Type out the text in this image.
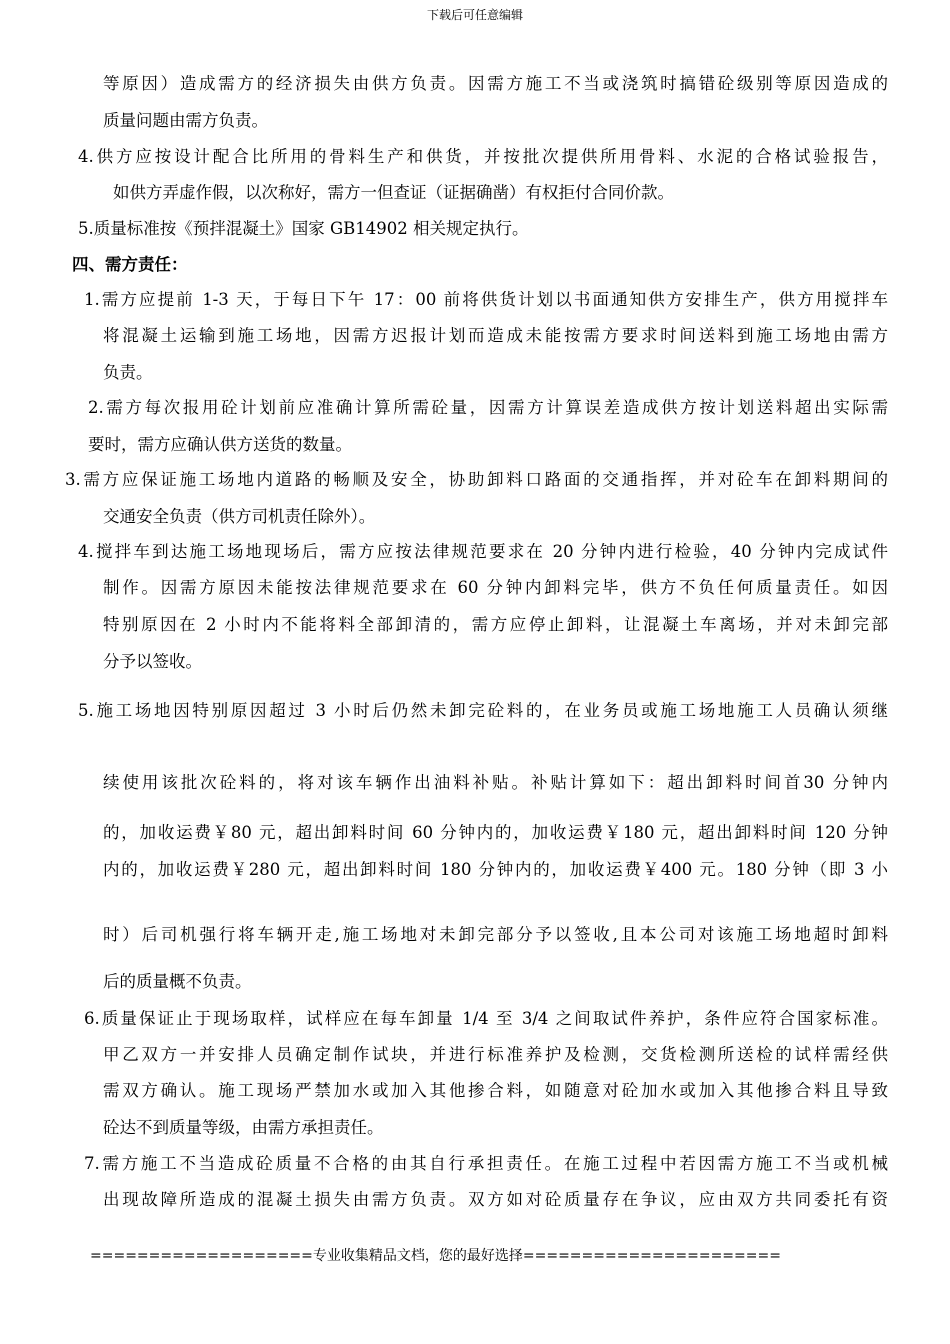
下载后可任意编辑
等原因）造成需方的经济损失由供方负责。因需方施工不当或浇筑时搞错砼级别等原因造成的
质量问题由需方负责。
4.供方应按设计配合比所用的骨料生产和供货，并按批次提供所用骨料、水泥的合格试验报告，
如供方弄虚作假，以次称好，需方一但查证（证据确凿）有权拒付合同价款。
5.质量标准按《预拌混凝土》国家 GB14902 相关规定执行。
四、需方责任：
1.需方应提前 1-3 天，于每日下午 17：00 前将供货计划以书面通知供方安排生产，供方用搅拌车
将混凝土运输到施工场地，因需方迟报计划而造成未能按需方要求时间送料到施工场地由需方
负责。
2.需方每次报用砼计划前应准确计算所需砼量，因需方计算误差造成供方按计划送料超出实际需
要时，需方应确认供方送货的数量。
3.需方应保证施工场地内道路的畅顺及安全，协助卸料口路面的交通指挥，并对砼车在卸料期间的
交通安全负责（供方司机责任除外）。
4.搅拌车到达施工场地现场后，需方应按法律规范要求在 20 分钟内进行检验，40 分钟内完成试件
制作。因需方原因未能按法律规范要求在 60 分钟内卸料完毕，供方不负任何质量责任。如因
特别原因在 2 小时内不能将料全部卸清的，需方应停止卸料，让混凝土车离场，并对未卸完部
分予以签收。
5.施工场地因特别原因超过 3 小时后仍然未卸完砼料的，在业务员或施工场地施工人员确认须继
续使用该批次砼料的，将对该车辆作出油料补贴。补贴计算如下：超出卸料时间首30 分钟内
的，加收运费￥80 元，超出卸料时间 60 分钟内的，加收运费￥180 元，超出卸料时间 120 分钟
内的，加收运费￥280 元，超出卸料时间 180 分钟内的，加收运费￥400 元。180 分钟（即 3 小
时）后司机强行将车辆开走,施工场地对未卸完部分予以签收,且本公司对该施工场地超时卸料
后的质量概不负责。
6.质量保证止于现场取样，试样应在每车卸量 1/4 至 3/4 之间取试件养护，条件应符合国家标准。
甲乙双方一并安排人员确定制作试块，并进行标准养护及检测，交货检测所送检的试样需经供
需双方确认。施工现场严禁加水或加入其他掺合料，如随意对砼加水或加入其他掺合料且导致
砼达不到质量等级，由需方承担责任。
7.需方施工不当造成砼质量不合格的由其自行承担责任。在施工过程中若因需方施工不当或机械
出现故障所造成的混凝土损失由需方负责。双方如对砼质量存在争议，应由双方共同委托有资
===================专业收集精品文档，您的最好选择======================
